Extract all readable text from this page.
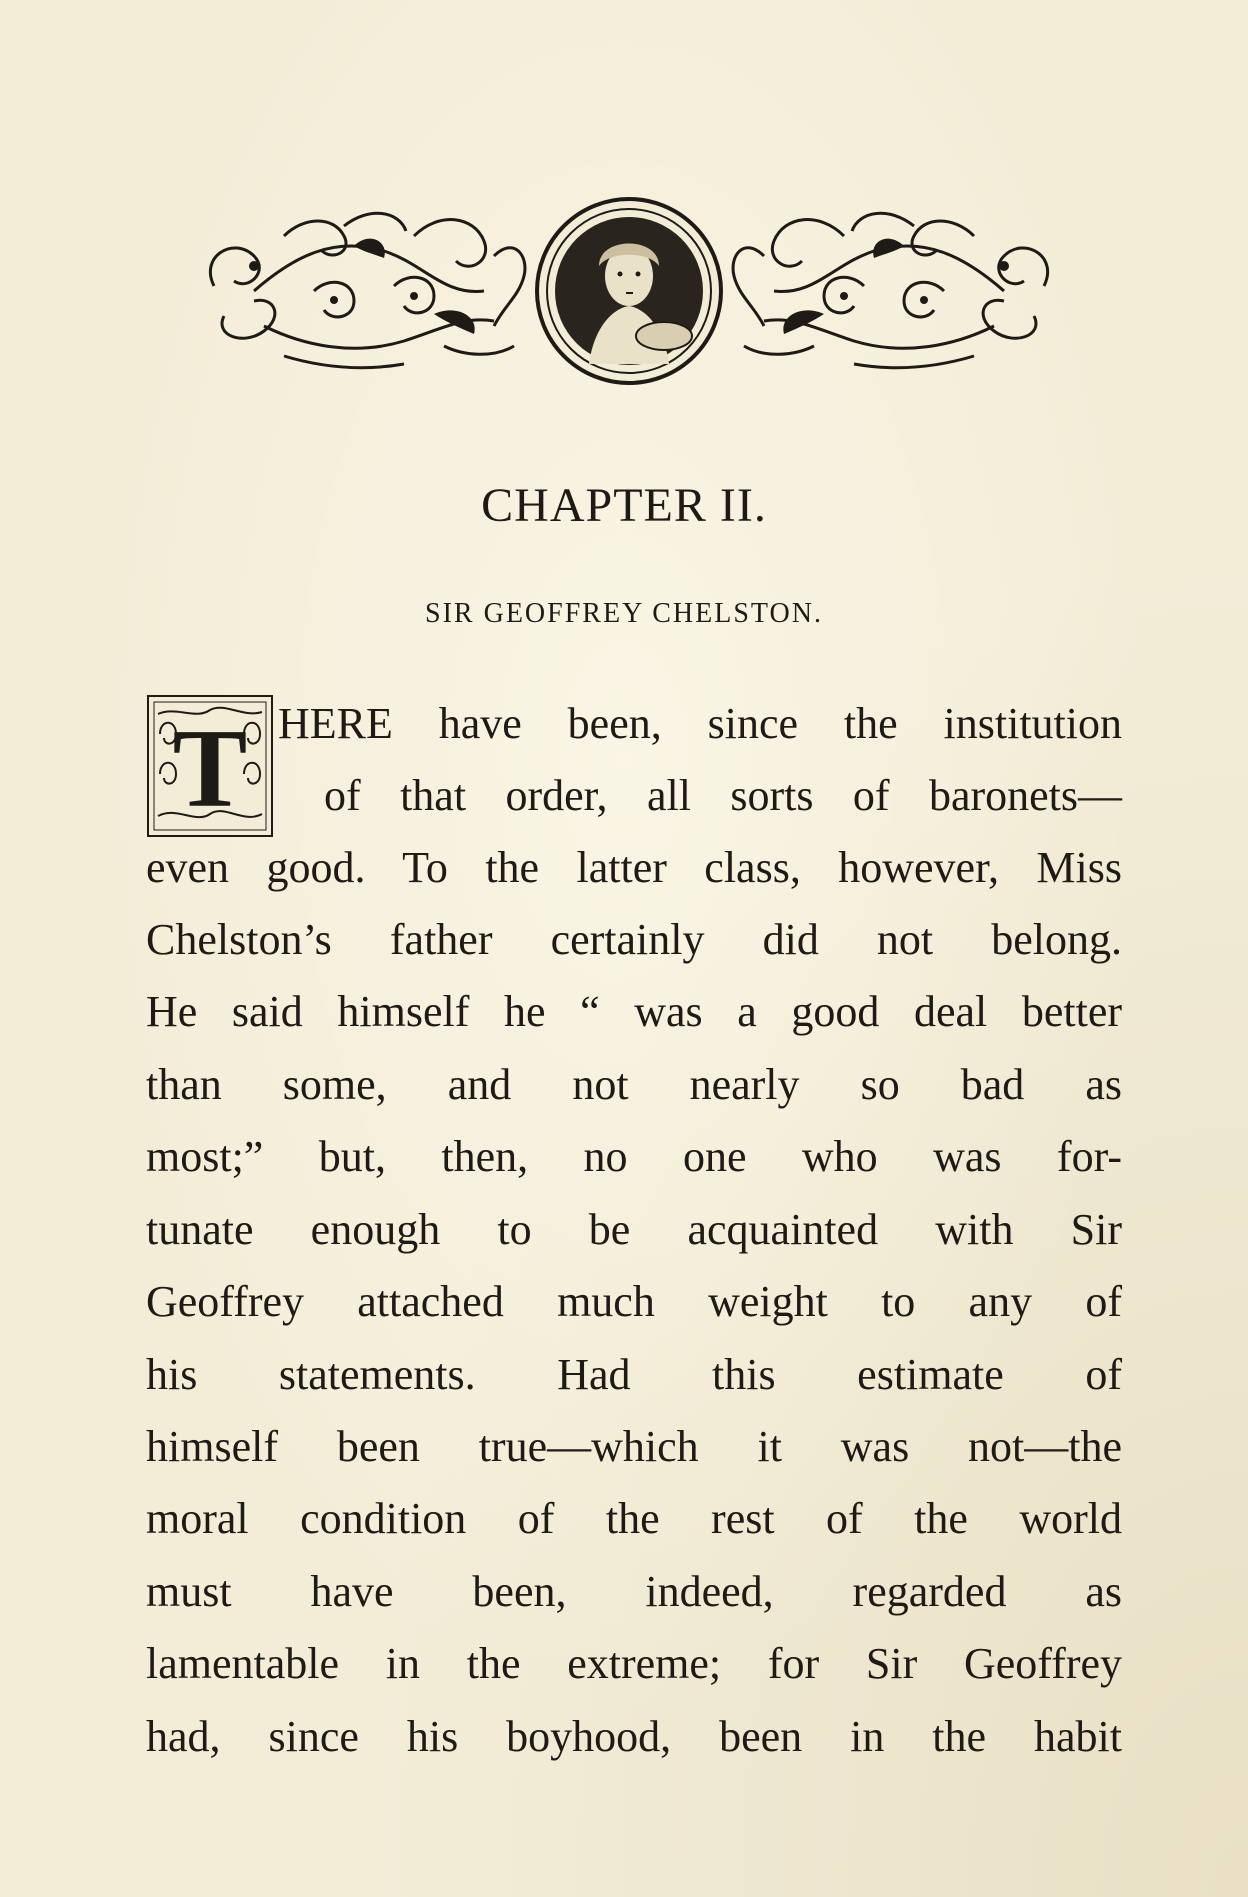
CHAPTER II.
SIR GEOFFREY CHELSTON.
T HERE have been, since the institution

of that order, all sorts of baronets—

even good. To the latter class, however, Miss

Chelston’s father certainly did not belong.

He said himself he “ was a good deal better

than some, and not nearly so bad as

most;” but, then, no one who was for-

tunate enough to be acquainted with Sir

Geoffrey attached much weight to any of

his statements. Had this estimate of

himself been true—which it was not—the

moral condition of the rest of the world

must have been, indeed, regarded as

lamentable in the extreme; for Sir Geoffrey

had, since his boyhood, been in the habit
